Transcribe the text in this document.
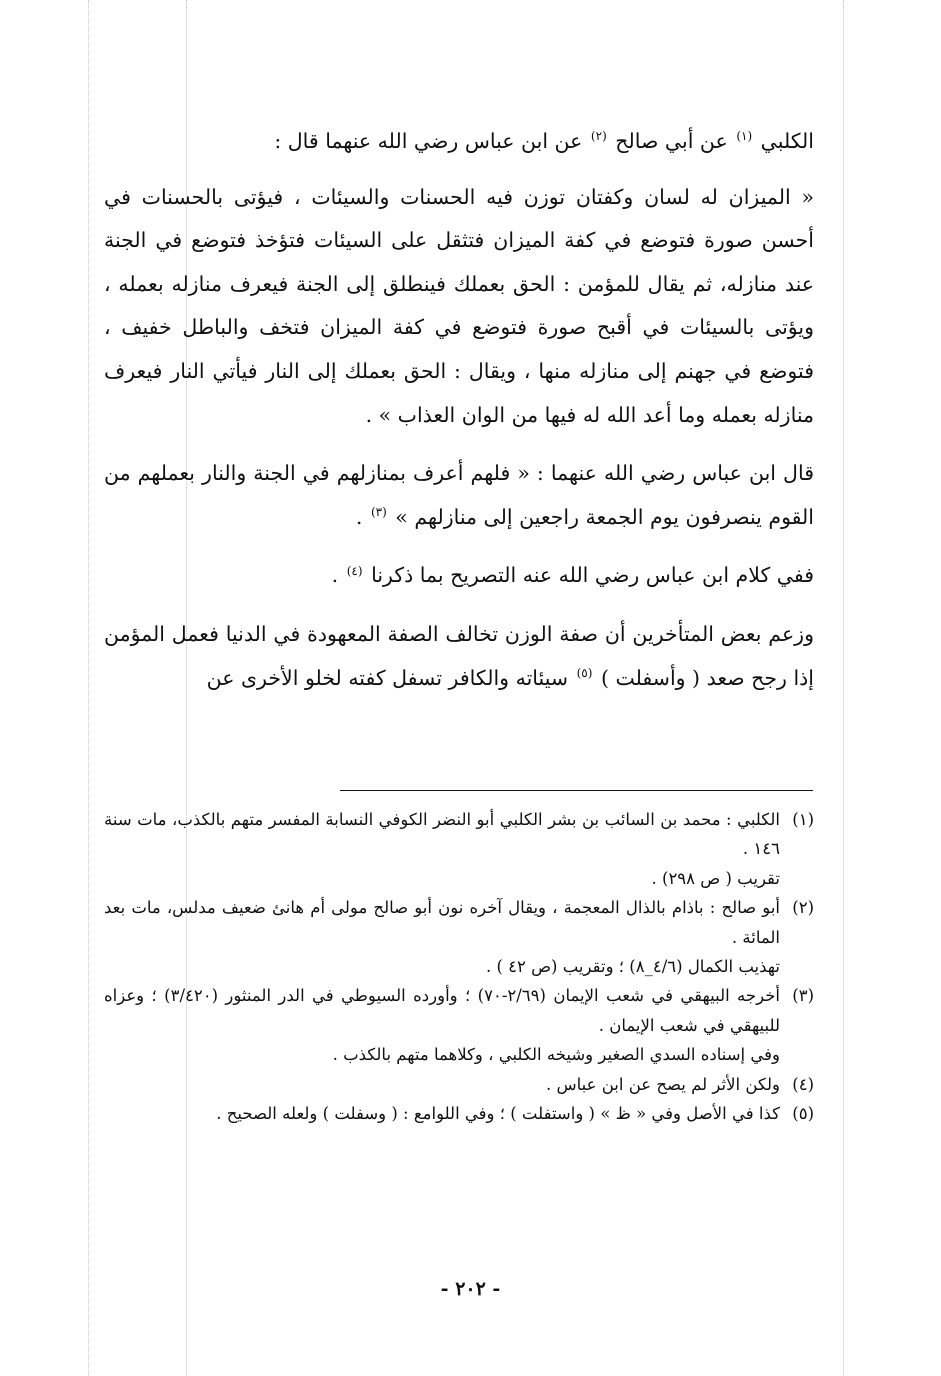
الكلبي $^{(١)}$ عن أبي صالح $^{(٢)}$ عن ابن عباس رضي الله عنهما قال :

« الميزان له لسان وكفتان توزن فيه الحسنات والسيئات ، فيؤتى بالحسنات في أحسن صورة فتوضع في كفة الميزان فتثقل على السيئات فتؤخذ فتوضع في الجنة عند منازله، ثم يقال للمؤمن : الحق بعملك فينطلق إلى الجنة فيعرف منازله بعمله ، ويؤتى بالسيئات في أقبح صورة فتوضع في كفة الميزان فتخف والباطل خفيف ، فتوضع في جهنم إلى منازله منها ، ويقال : الحق بعملك إلى النار فيأتي النار فيعرف منازله بعمله وما أعد الله له فيها من الوان العذاب » .

قال ابن عباس رضي الله عنهما : « فلهم أعرف بمنازلهم في الجنة والنار بعملهم من القوم ينصرفون يوم الجمعة راجعين إلى منازلهم » $^{(٣)}$ .

ففي كلام ابن عباس رضي الله عنه التصريح بما ذكرنا $^{(٤)}$ .

وزعم بعض المتأخرين أن صفة الوزن تخالف الصفة المعهودة في الدنيا فعمل المؤمن إذا رجح صعد ( وأسفلت ) $^{(٥)}$ سيئاته والكافر تسفل كفته لخلو الأخرى عن

(١)
الكلبي : محمد بن السائب بن بشر الكلبي أبو النضر الكوفي النسابة المفسر متهم بالكذب، مات سنة ١٤٦ .

تقريب ( ص ٢٩٨) .

(٢)
أبو صالح : باذام بالذال المعجمة ، ويقال آخره نون أبو صالح مولى أم هانئ ضعيف مدلس، مات بعد المائة .

تهذيب الكمال (٤/٦_٨) ؛ وتقريب (ص ٤٢ ) .

(٣)
أخرجه البيهقي في شعب الإيمان (٢/٦٩-٧٠) ؛ وأورده السيوطي في الدر المنثور (٣/٤٢٠) ؛ وعزاه للبيهقي في شعب الإيمان .

وفي إسناده السدي الصغير وشيخه الكلبي ، وكلاهما متهم بالكذب .

(٤)
ولكن الأثر لم يصح عن ابن عباس .
(٥)
كذا في الأصل وفي « ظ » ( واستفلت ) ؛ وفي اللوامع : ( وسفلت ) ولعله الصحيح .
- ٢٠٢ -
